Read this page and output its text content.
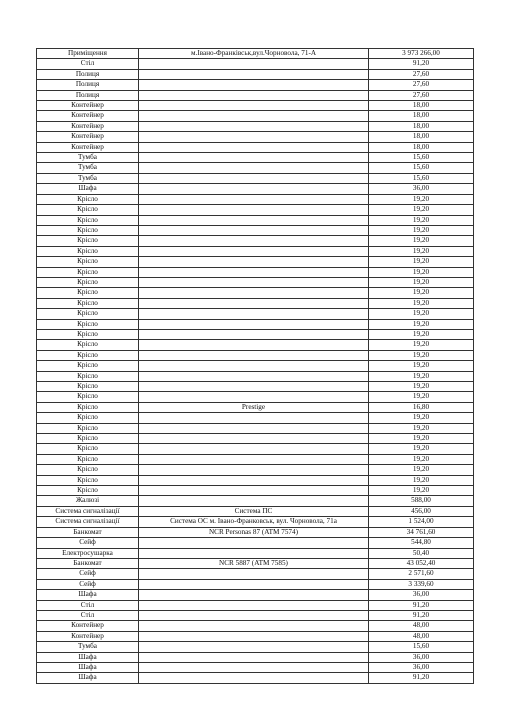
Приміщення	м.Івано-Франківськ,вул.Чорновола, 71-А	3 973 266,00
Стіл		91,20
Полиця		27,60
Полиця		27,60
Полиця		27,60
Контейнер		18,00
Контейнер		18,00
Контейнер		18,00
Контейнер		18,00
Контейнер		18,00
Тумба		15,60
Тумба		15,60
Тумба		15,60
Шафа		36,00
Крісло		19,20
Крісло		19,20
Крісло		19,20
Крісло		19,20
Крісло		19,20
Крісло		19,20
Крісло		19,20
Крісло		19,20
Крісло		19,20
Крісло		19,20
Крісло		19,20
Крісло		19,20
Крісло		19,20
Крісло		19,20
Крісло		19,20
Крісло		19,20
Крісло		19,20
Крісло		19,20
Крісло		19,20
Крісло		19,20
Крісло	Prestige	16,80
Крісло		19,20
Крісло		19,20
Крісло		19,20
Крісло		19,20
Крісло		19,20
Крісло		19,20
Крісло		19,20
Крісло		19,20
Жалюзі		588,00
Система сигналізації	Система ПС	456,00
Система сигналізації	Система ОС м. Івано-Франковськ, вул. Чорновола, 71а	1 524,00
Банкомат	NCR Personas 87 (ATM 7574)	34 761,60
Сейф		544,80
Електросушарка		50,40
Банкомат	NCR 5887 (ATM 7585)	43 052,40
Сейф		2 571,60
Сейф		3 339,60
Шафа		36,00
Стіл		91,20
Стіл		91,20
Контейнер		48,00
Контейнер		48,00
Тумба		15,60
Шафа		36,00
Шафа		36,00
Шафа		91,20
